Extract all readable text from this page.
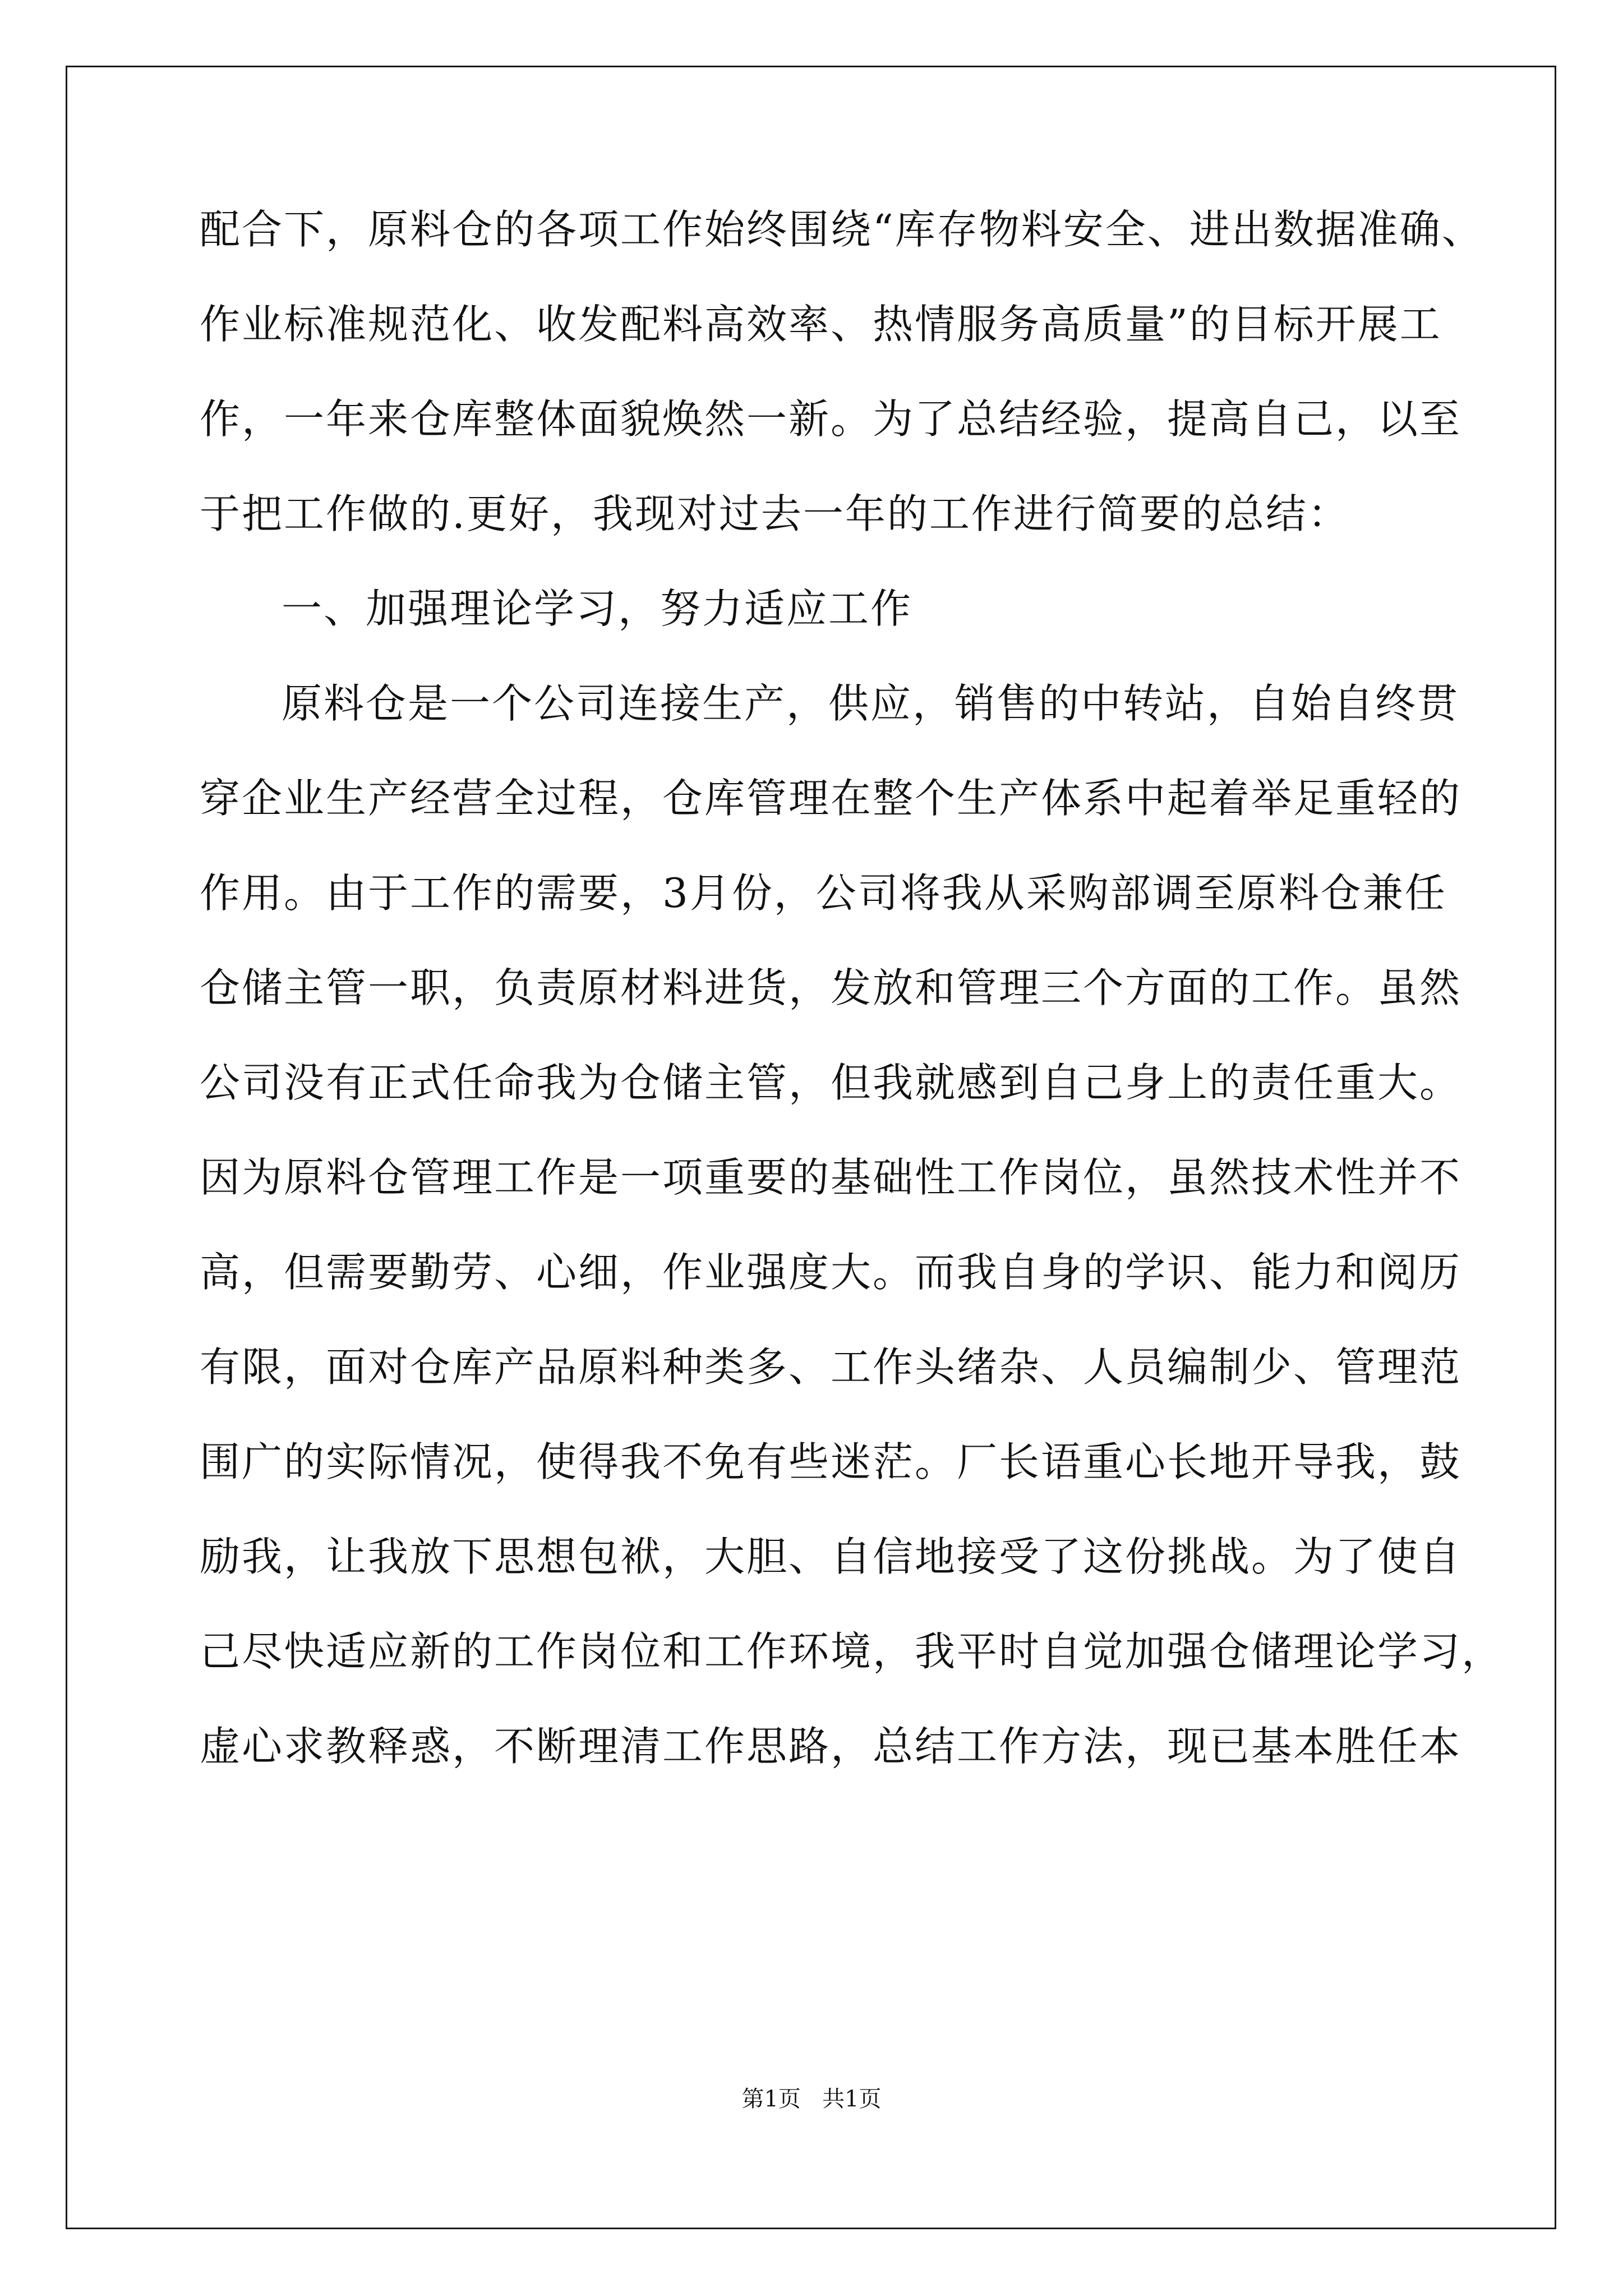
配合下，原料仓的各项工作始终围绕“库存物料安全、进出数据准确、
作业标准规范化、收发配料高效率、热情服务高质量”的目标开展工
作，一年来仓库整体面貌焕然一新。为了总结经验，提高自己，以至
于把工作做的.更好，我现对过去一年的工作进行简要的总结：
一、加强理论学习，努力适应工作
原料仓是一个公司连接生产，供应，销售的中转站，自始自终贯
穿企业生产经营全过程，仓库管理在整个生产体系中起着举足重轻的
作用。由于工作的需要，3月份，公司将我从采购部调至原料仓兼任
仓储主管一职，负责原材料进货，发放和管理三个方面的工作。虽然
公司没有正式任命我为仓储主管，但我就感到自己身上的责任重大。
因为原料仓管理工作是一项重要的基础性工作岗位，虽然技术性并不
高，但需要勤劳、心细，作业强度大。而我自身的学识、能力和阅历
有限，面对仓库产品原料种类多、工作头绪杂、人员编制少、管理范
围广的实际情况，使得我不免有些迷茫。厂长语重心长地开导我，鼓
励我，让我放下思想包袱，大胆、自信地接受了这份挑战。为了使自
己尽快适应新的工作岗位和工作环境，我平时自觉加强仓储理论学习，
虚心求教释惑，不断理清工作思路，总结工作方法，现已基本胜任本
第1页   共1页
